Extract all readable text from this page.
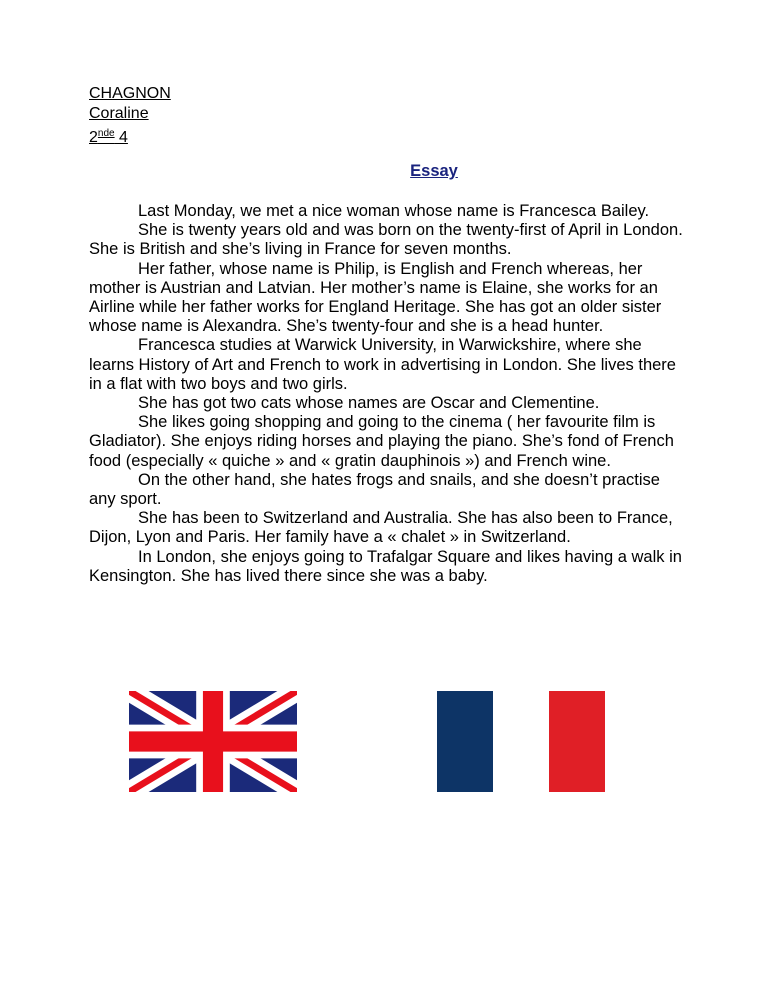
CHAGNON
Coraline
2nde 4
Essay

Last Monday, we met a nice woman whose name is Francesca Bailey.

She is twenty years old and was born on the twenty-first of April in London. She is British and she’s living in France for seven months.

Her father, whose name is Philip, is English and French whereas, her mother is Austrian and Latvian. Her mother’s name is Elaine, she works for an Airline while her father works for England Heritage. She has got an older sister whose name is Alexandra. She’s twenty-four and she is a head hunter.

Francesca studies at Warwick University, in Warwickshire, where she learns History of Art and French to work in advertising in London. She lives there in a flat with two boys and two girls.

She has got two cats whose names are Oscar and Clementine.

She likes going shopping and going to the cinema ( her favourite film is Gladiator). She enjoys riding horses and playing the piano. She’s fond of French food (especially « quiche » and « gratin dauphinois ») and French wine.

On the other hand, she hates frogs and snails, and she doesn’t practise any sport.

She has been to Switzerland and Australia. She has also been to France, Dijon, Lyon and Paris. Her family have a « chalet » in Switzerland.

In London, she enjoys going to Trafalgar Square and likes having a walk in Kensington. She has lived there since she was a baby.
